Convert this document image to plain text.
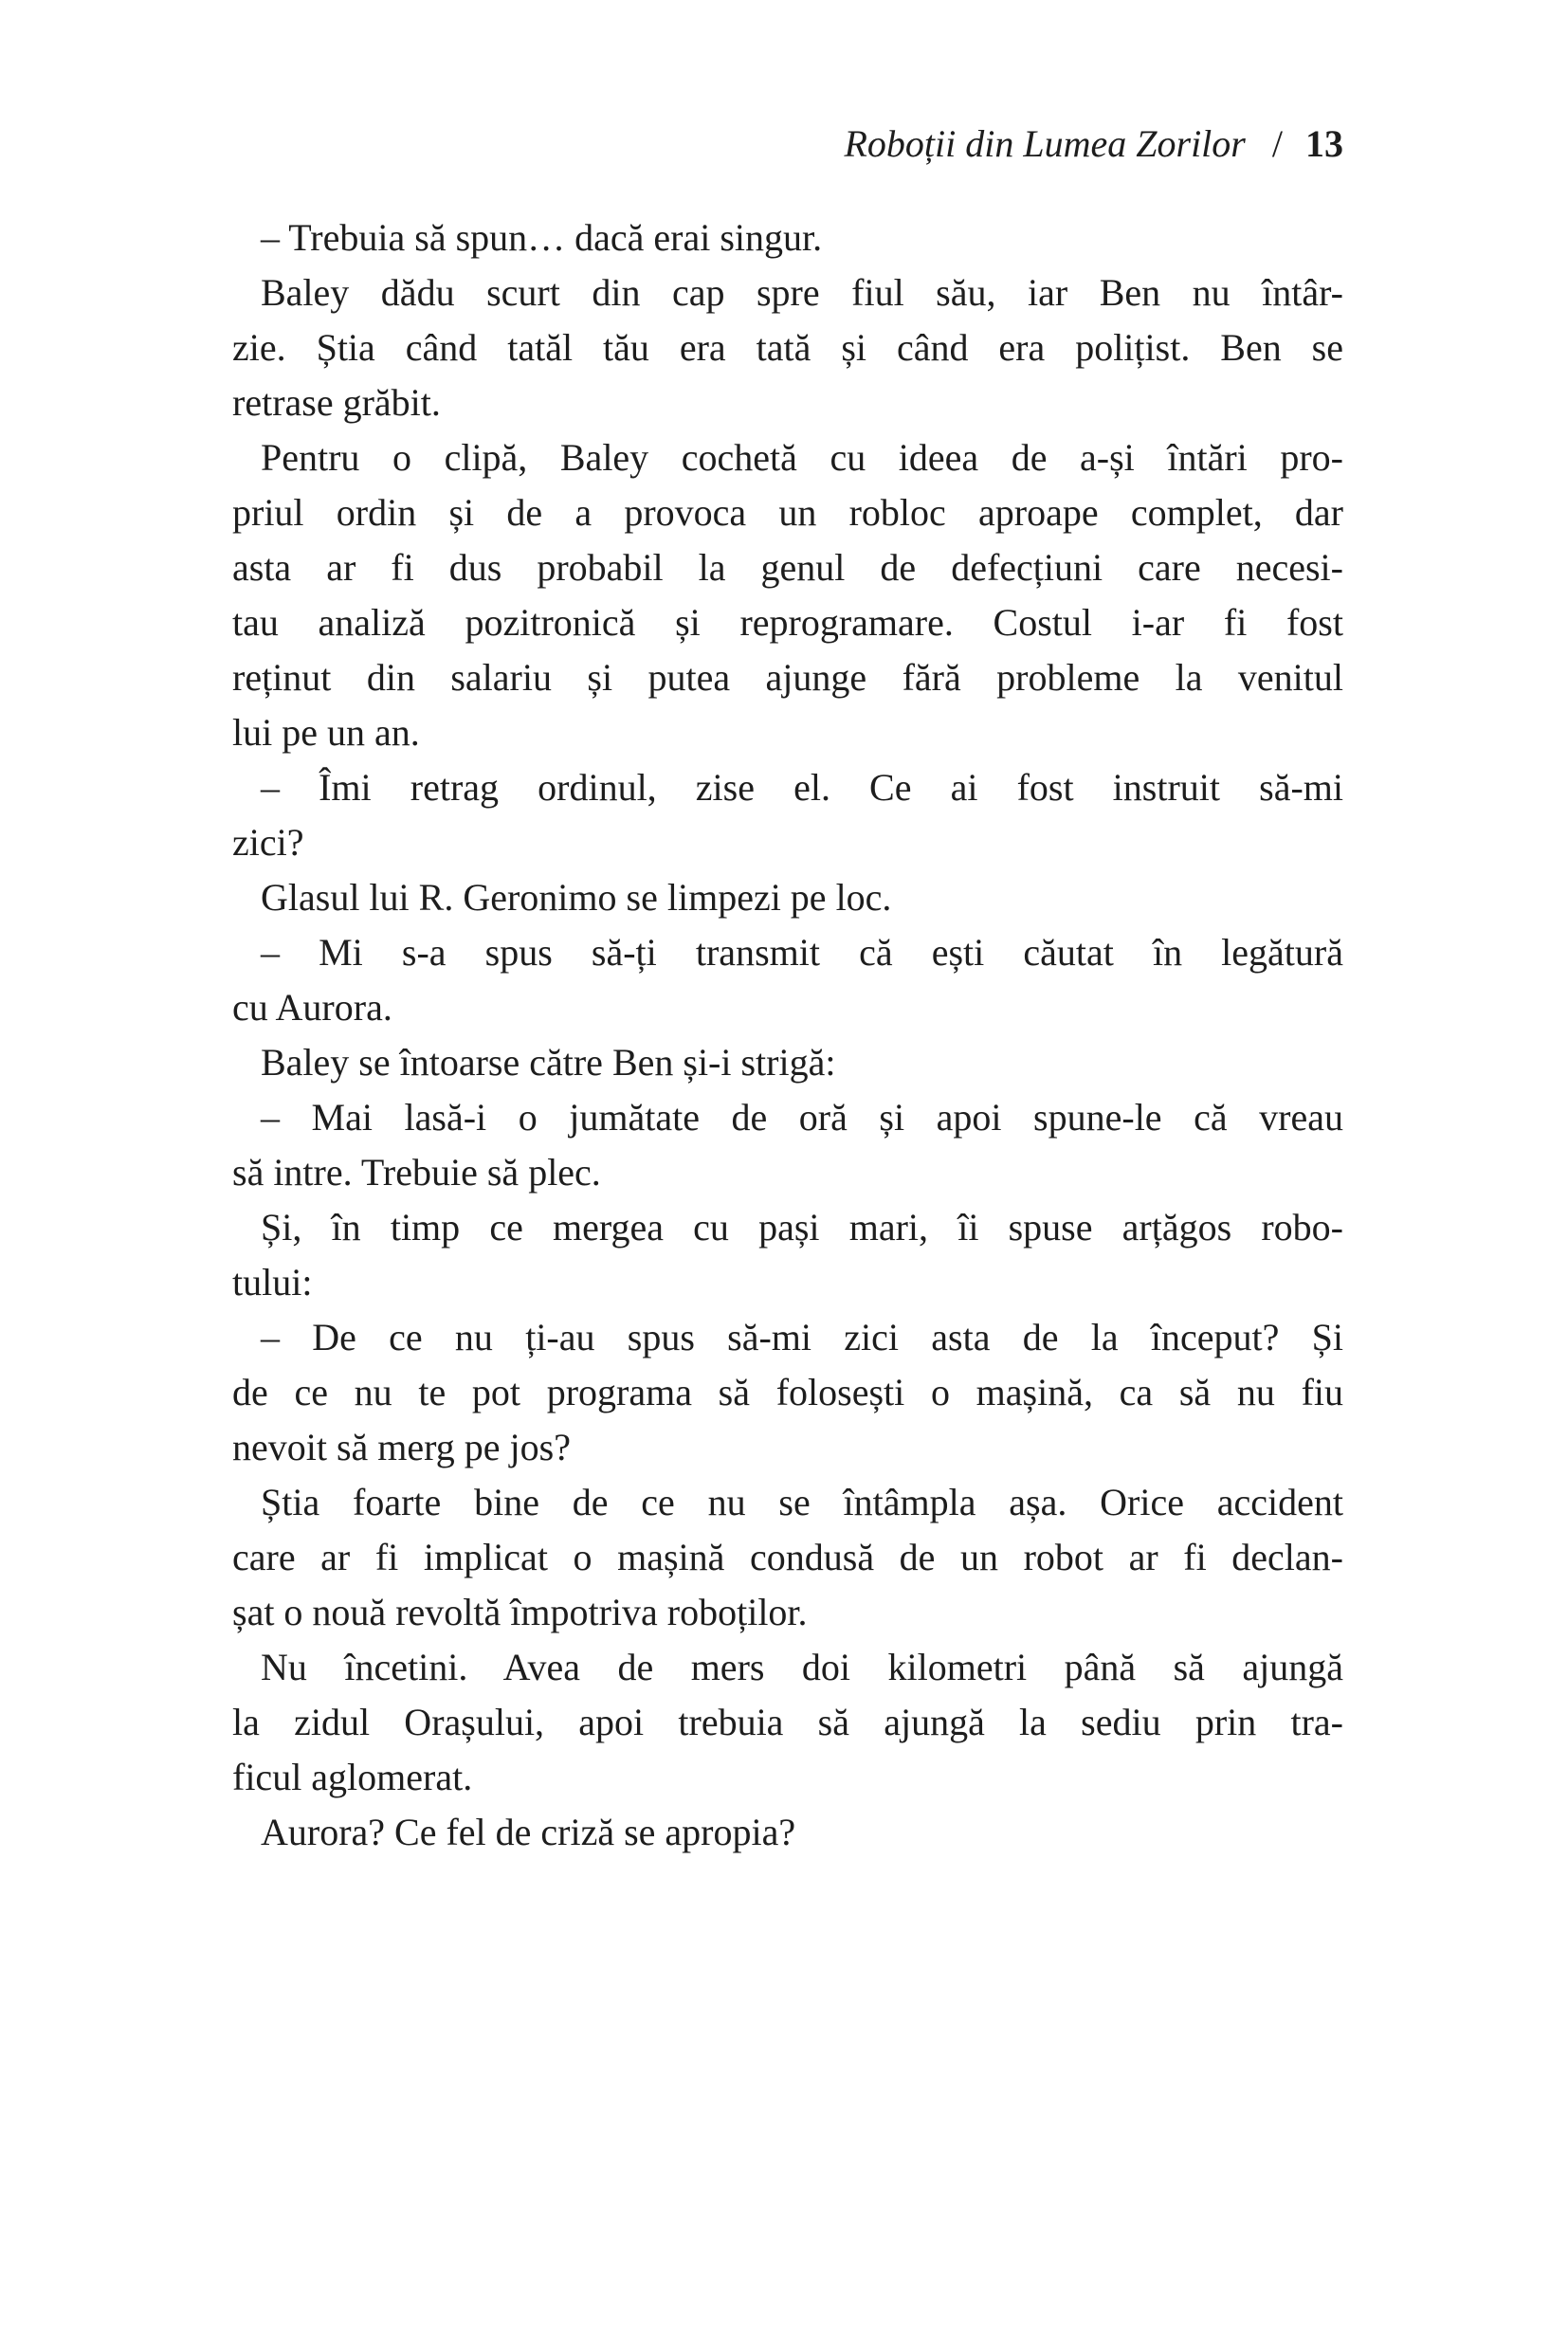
Roboții din Lumea Zorilor / 13
– Trebuia să spun… dacă erai singur.
Baley dădu scurt din cap spre fiul său, iar Ben nu întâr-
zie. Știa când tatăl tău era tată și când era polițist. Ben se
retrase grăbit.
Pentru o clipă, Baley cochetă cu ideea de a-și întări pro-
priul ordin și de a provoca un robloc aproape complet, dar
asta ar fi dus probabil la genul de defecțiuni care necesi-
tau analiză pozitronică și reprogramare. Costul i-ar fi fost
reținut din salariu și putea ajunge fără probleme la venitul
lui pe un an.
– Îmi retrag ordinul, zise el. Ce ai fost instruit să-mi
zici?
Glasul lui R. Geronimo se limpezi pe loc.
– Mi s-a spus să-ți transmit că ești căutat în legătură
cu Aurora.
Baley se întoarse către Ben și-i strigă:
– Mai lasă-i o jumătate de oră și apoi spune-le că vreau
să intre. Trebuie să plec.
Și, în timp ce mergea cu pași mari, îi spuse arțăgos robo-
tului:
– De ce nu ți-au spus să-mi zici asta de la început? Și
de ce nu te pot programa să folosești o mașină, ca să nu fiu
nevoit să merg pe jos?
Știa foarte bine de ce nu se întâmpla așa. Orice accident
care ar fi implicat o mașină condusă de un robot ar fi declan-
șat o nouă revoltă împotriva roboților.
Nu încetini. Avea de mers doi kilometri până să ajungă
la zidul Orașului, apoi trebuia să ajungă la sediu prin tra-
ficul aglomerat.
Aurora? Ce fel de criză se apropia?
